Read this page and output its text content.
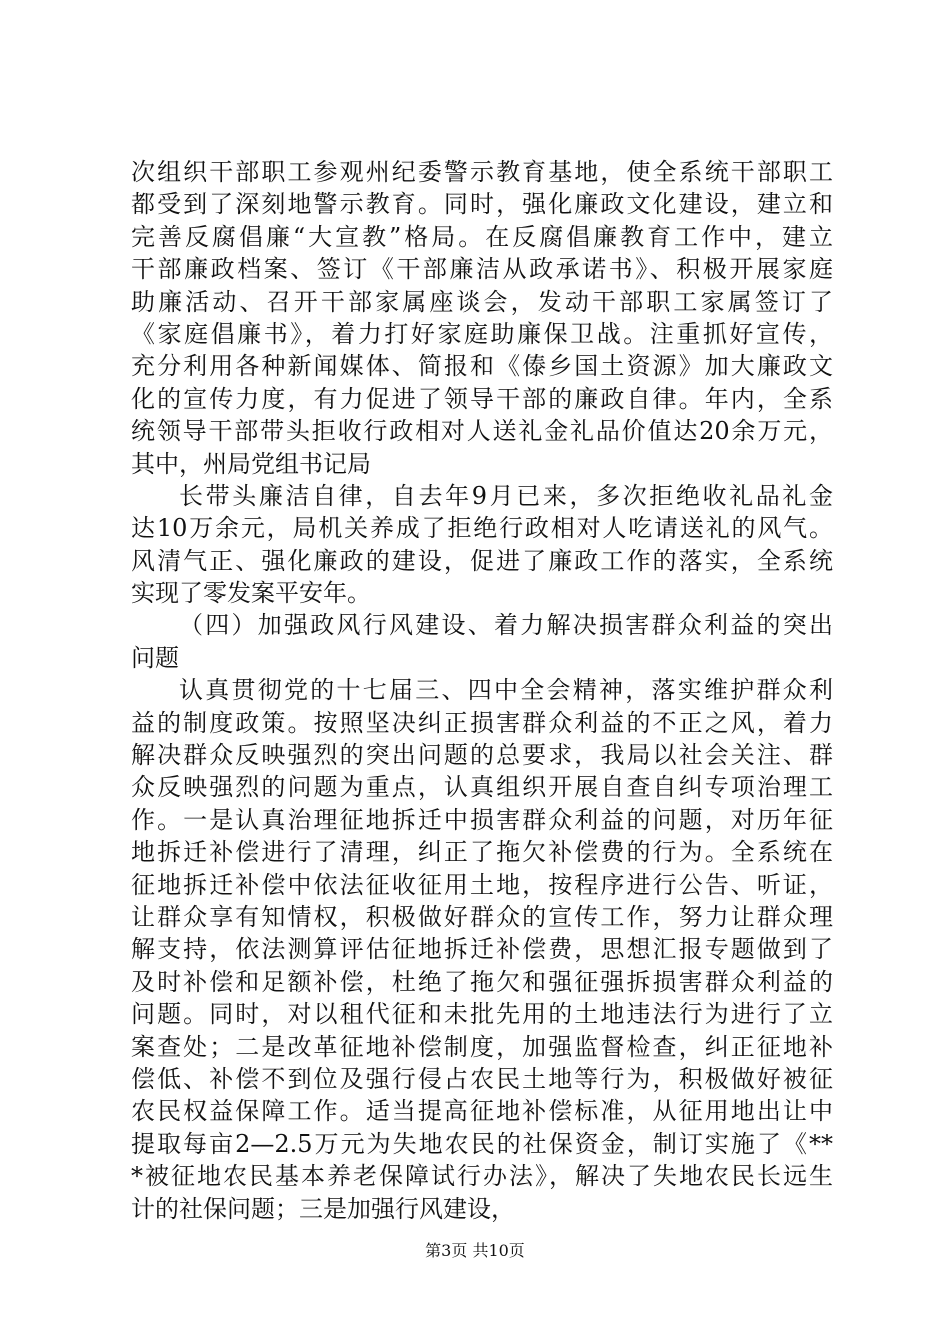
次组织干部职工参观州纪委警示教育基地，使全系统干部职工
都受到了深刻地警示教育。同时，强化廉政文化建设，建立和
完善反腐倡廉“大宣教”格局。在反腐倡廉教育工作中，建立
干部廉政档案、签订《干部廉洁从政承诺书》、积极开展家庭
助廉活动、召开干部家属座谈会，发动干部职工家属签订了
《家庭倡廉书》，着力打好家庭助廉保卫战。注重抓好宣传，
充分利用各种新闻媒体、简报和《傣乡国土资源》加大廉政文
化的宣传力度，有力促进了领导干部的廉政自律。年内，全系
统领导干部带头拒收行政相对人送礼金礼品价值达20余万元，
其中，州局党组书记局
长带头廉洁自律，自去年9月已来，多次拒绝收礼品礼金
达10万余元，局机关养成了拒绝行政相对人吃请送礼的风气。
风清气正、强化廉政的建设，促进了廉政工作的落实，全系统
实现了零发案平安年。
（四）加强政风行风建设、着力解决损害群众利益的突出
问题
认真贯彻党的十七届三、四中全会精神，落实维护群众利
益的制度政策。按照坚决纠正损害群众利益的不正之风，着力
解决群众反映强烈的突出问题的总要求，我局以社会关注、群
众反映强烈的问题为重点，认真组织开展自查自纠专项治理工
作。一是认真治理征地拆迁中损害群众利益的问题，对历年征
地拆迁补偿进行了清理，纠正了拖欠补偿费的行为。全系统在
征地拆迁补偿中依法征收征用土地，按程序进行公告、听证，
让群众享有知情权，积极做好群众的宣传工作，努力让群众理
解支持，依法测算评估征地拆迁补偿费，思想汇报专题做到了
及时补偿和足额补偿，杜绝了拖欠和强征强拆损害群众利益的
问题。同时，对以租代征和未批先用的土地违法行为进行了立
案查处；二是改革征地补偿制度，加强监督检查，纠正征地补
偿低、补偿不到位及强行侵占农民土地等行为，积极做好被征
农民权益保障工作。适当提高征地补偿标准，从征用地出让中
提取每亩2—2.5万元为失地农民的社保资金，制订实施了《**
*被征地农民基本养老保障试行办法》，解决了失地农民长远生
计的社保问题；三是加强行风建设，
第3页 共10页
